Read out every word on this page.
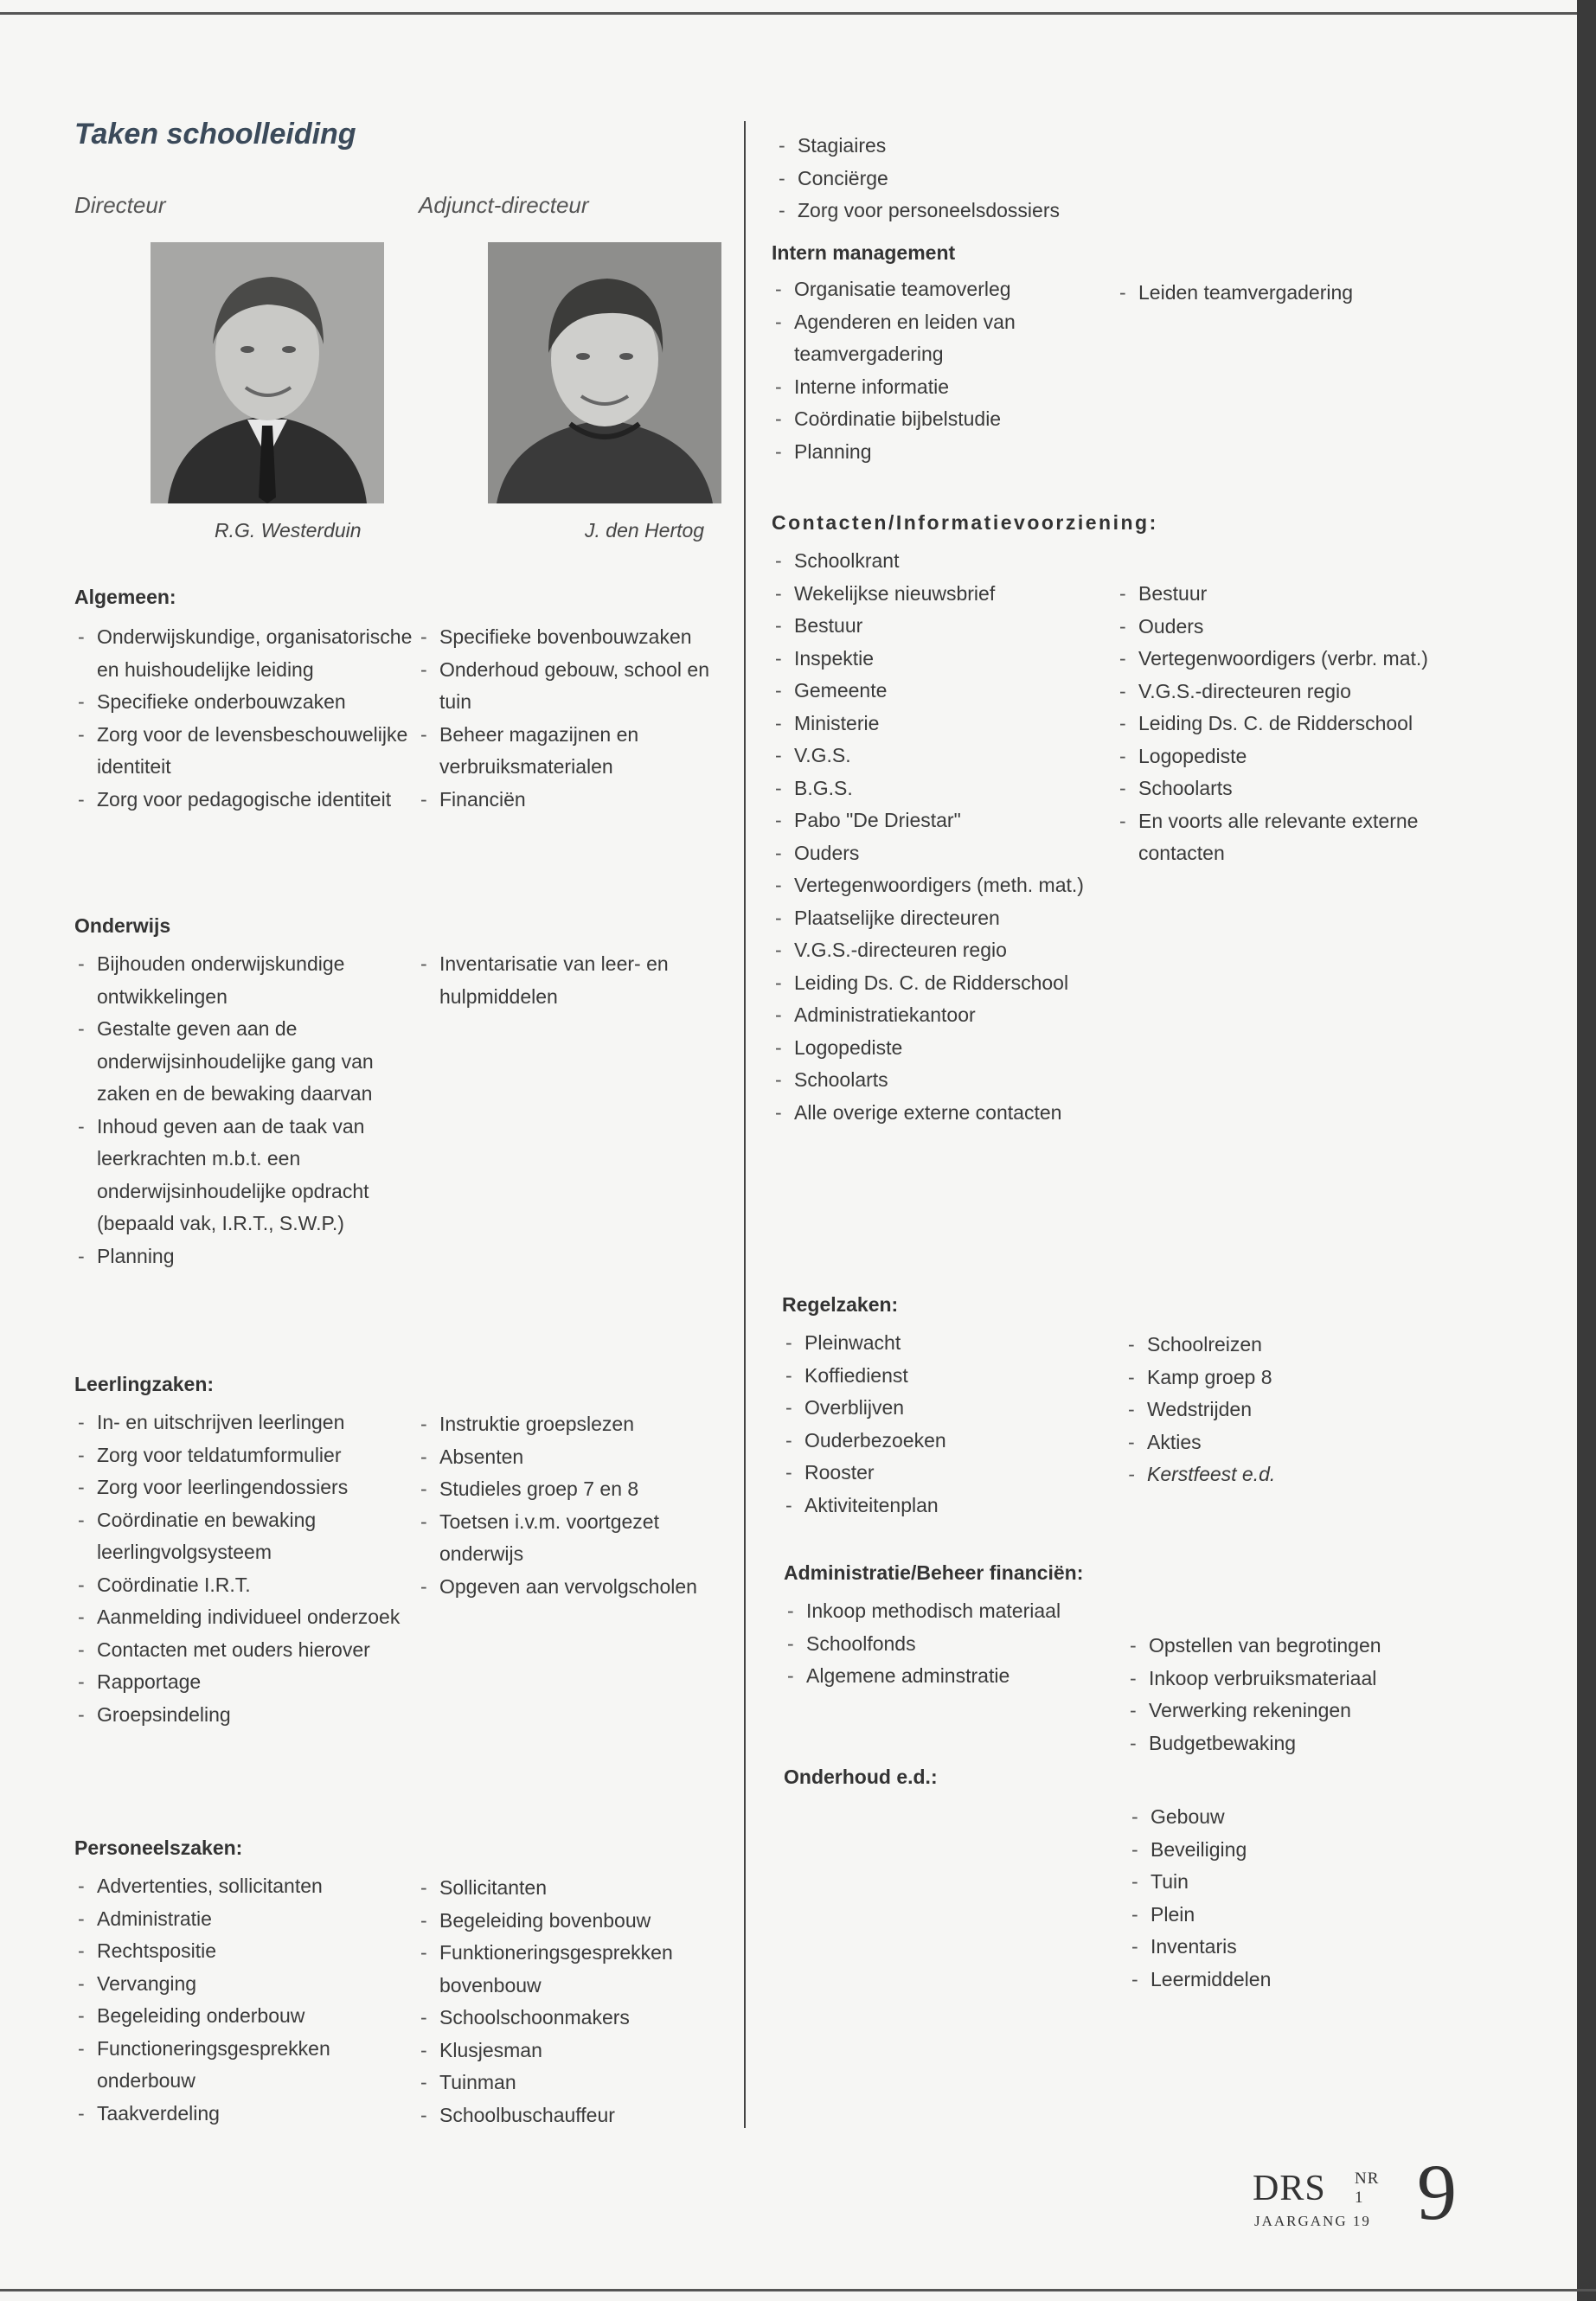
Taken schoolleiding
Directeur	Adjunct-directeur
R.G. Westerduin	J. den Hertog

Algemeen:

- Onderwijskundige, organisatorische en huishoudelijke leiding
- Specifieke onderbouwzaken
- Zorg voor de levensbeschouwelijke identiteit
- Zorg voor pedagogische identiteit
- Specifieke bovenbouwzaken
- Onderhoud gebouw, school en tuin
- Beheer magazijnen en verbruiksmaterialen
- Financiën

Onderwijs

- Bijhouden onderwijskundige ontwikkelingen
- Gestalte geven aan de onderwijsinhoudelijke gang van zaken en de bewaking daarvan
- Inhoud geven aan de taak van leerkrachten m.b.t. een onderwijsinhoudelijke opdracht (bepaald vak, I.R.T., S.W.P.)
- Planning
- Inventarisatie van leer- en hulpmiddelen

Leerlingzaken:

- In- en uitschrijven leerlingen
- Zorg voor teldatumformulier
- Zorg voor leerlingendossiers
- Coördinatie en bewaking leerlingvolgsysteem
- Coördinatie I.R.T.
- Aanmelding individueel onderzoek
- Contacten met ouders hierover
- Rapportage
- Groepsindeling
- Instruktie groepslezen
- Absenten
- Studieles groep 7 en 8
- Toetsen i.v.m. voortgezet onderwijs
- Opgeven aan vervolgscholen

Personeelszaken:

- Advertenties, sollicitanten
- Administratie
- Rechtspositie
- Vervanging
- Begeleiding onderbouw
- Functioneringsgesprekken onderbouw
- Taakverdeling
- Sollicitanten
- Begeleiding bovenbouw
- Funktioneringsgesprekken bovenbouw
- Schoolschoonmakers
- Klusjesman
- Tuinman
- Schoolbuschauffeur
- Stagiaires
- Conciërge
- Zorg voor personeelsdossiers

Intern management

- Organisatie teamoverleg
- Agenderen en leiden van teamvergadering
- Interne informatie
- Coördinatie bijbelstudie
- Planning
- Leiden teamvergadering

Contacten/Informatievoorziening:

- Schoolkrant
- Wekelijkse nieuwsbrief
- Bestuur
- Inspektie
- Gemeente
- Ministerie
- V.G.S.
- B.G.S.
- Pabo "De Driestar"
- Ouders
- Vertegenwoordigers (meth. mat.)
- Plaatselijke directeuren
- V.G.S.-directeuren regio
- Leiding Ds. C. de Ridderschool
- Administratiekantoor
- Logopediste
- Schoolarts
- Alle overige externe contacten
- Bestuur
- Ouders
- Vertegenwoordigers (verbr. mat.)
- V.G.S.-directeuren regio
- Leiding Ds. C. de Ridderschool
- Logopediste
- Schoolarts
- En voorts alle relevante externe contacten

Regelzaken:

- Pleinwacht
- Koffiedienst
- Overblijven
- Ouderbezoeken
- Rooster
- Aktiviteitenplan
- Schoolreizen
- Kamp groep 8
- Wedstrijden
- Akties
- Kerstfeest e.d.

Administratie/Beheer financiën:

- Inkoop methodisch materiaal
- Schoolfonds
- Algemene adminstratie
- Opstellen van begrotingen
- Inkoop verbruiksmateriaal
- Verwerking rekeningen
- Budgetbewaking

Onderhoud e.d.:

- Gebouw
- Beveiliging
- Tuin
- Plein
- Inventaris
- Leermiddelen
DRS NR 1
JAARGANG 19 9
